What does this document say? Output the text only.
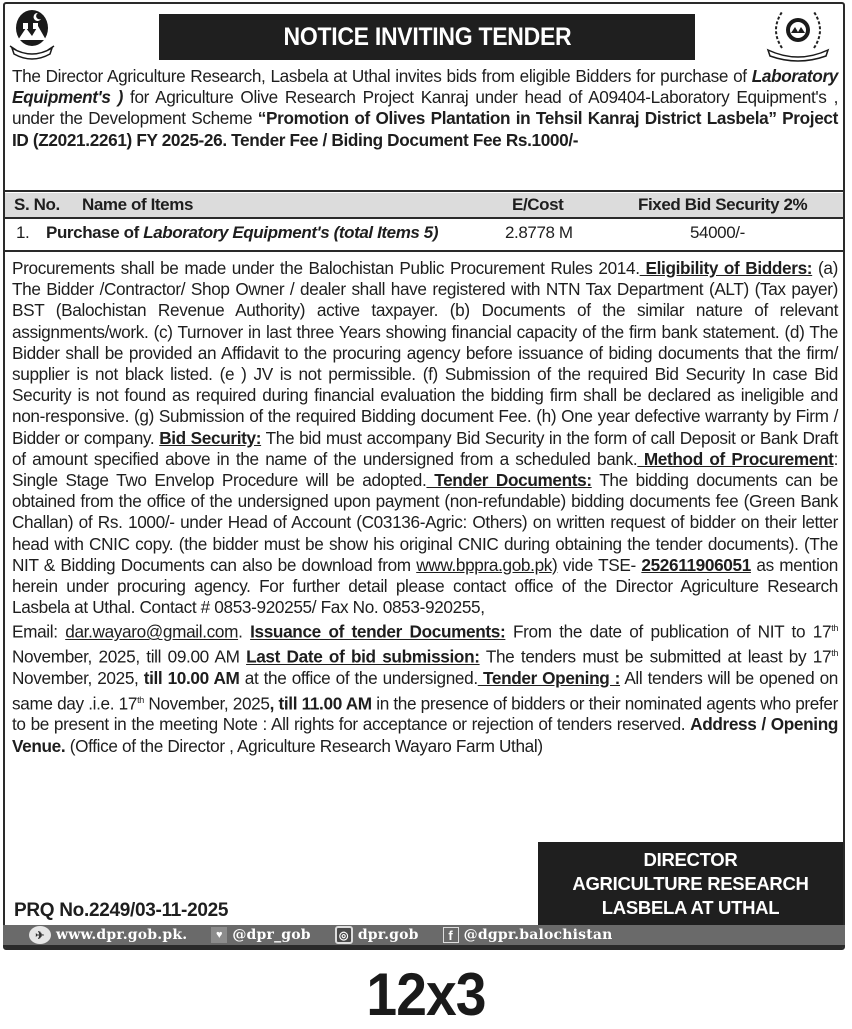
NOTICE INVITING TENDER
The Director Agriculture Research, Lasbela at Uthal invites bids from eligible Bidders for purchase of Laboratory Equipment's ) for Agriculture Olive Research Project Kanraj under head of A09404-Laboratory Equipment's , under the Development Scheme “Promotion of Olives Plantation in Tehsil Kanraj District Lasbela” Project ID (Z2021.2261) FY 2025-26. Tender Fee / Biding Document Fee Rs.1000/-
S. No. Name of Items	E/Cost	Fixed Bid Security 2%
1. Purchase of Laboratory Equipment's (total Items 5)	2.8778 M	54000/-
Procurements shall be made under the Balochistan Public Procurement Rules 2014. Eligibility of Bidders: (a) The Bidder /Contractor/ Shop Owner / dealer shall have registered with NTN Tax Department (ALT) (Tax payer) BST (Balochistan Revenue Authority) active taxpayer. (b) Documents of the similar nature of relevant assignments/work. (c) Turnover in last three Years showing financial capacity of the firm bank statement. (d) The Bidder shall be provided an Affidavit to the procuring agency before issuance of biding documents that the firm/ supplier is not black listed. (e ) JV is not permissible. (f) Submission of the required Bid Security In case Bid Security is not found as required during financial evaluation the bidding firm shall be declared as ineligible and non-responsive. (g) Submission of the required Bidding document Fee. (h) One year defective warranty by Firm / Bidder or company. Bid Security: The bid must accompany Bid Security in the form of call Deposit or Bank Draft of amount specified above in the name of the undersigned from a scheduled bank. Method of Procurement: Single Stage Two Envelop Procedure will be adopted. Tender Documents: The bidding documents can be obtained from the office of the undersigned upon payment (non-refundable) bidding documents fee (Green Bank Challan) of Rs. 1000/- under Head of Account (C03136-Agric: Others) on written request of bidder on their letter head with CNIC copy. (the bidder must be show his original CNIC during obtaining the tender documents). (The NIT & Bidding Documents can also be download from www.bppra.gob.pk) vide TSE- 252611906051 as mention herein under procuring agency. For further detail please contact office of the Director Agriculture Research Lasbela at Uthal. Contact # 0853-920255/ Fax No. 0853-920255,
Email: dar.wayaro@gmail.com. Issuance of tender Documents: From the date of publication of NIT to 17th November, 2025, till 09.00 AM Last Date of bid submission: The tenders must be submitted at least by 17th November, 2025, till 10.00 AM at the office of the undersigned. Tender Opening : All tenders will be opened on same day .i.e. 17th November, 2025, till 11.00 AM in the presence of bidders or their nominated agents who prefer to be present in the meeting Note : All rights for acceptance or rejection of tenders reserved. Address / Opening Venue. (Office of the Director , Agriculture Research Wayaro Farm Uthal)
DIRECTOR
AGRICULTURE RESEARCH
LASBELA AT UTHAL
PRQ No.2249/03-11-2025
✈ www.dpr.gob.pk.	♥ @dpr_gob	◎ dpr.gob	f @dgpr.balochistan
12x3
